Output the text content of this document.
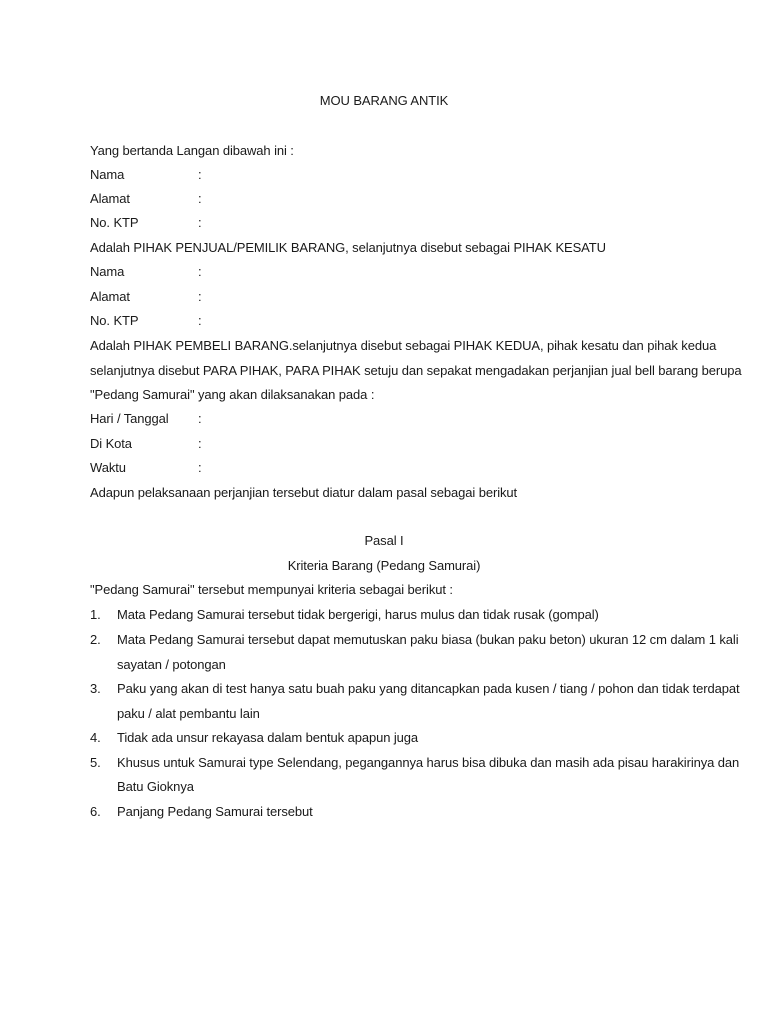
MOU BARANG ANTIK
Yang bertanda Langan dibawah ini :
Nama	:
Alamat	:
No. KTP	:
Adalah PIHAK PENJUAL/PEMILIK BARANG, selanjutnya disebut sebagai PIHAK KESATU
Nama	:
Alamat	:
No. KTP	:
Adalah PIHAK PEMBELI BARANG.selanjutnya disebut sebagai PIHAK KEDUA, pihak kesatu dan pihak kedua
selanjutnya disebut PARA PIHAK, PARA PIHAK setuju dan sepakat mengadakan perjanjian jual bell barang berupa
"Pedang Samurai" yang akan dilaksanakan pada :
Hari / Tanggal :
Di Kota	:
Waktu	:
Adapun pelaksanaan perjanjian tersebut diatur dalam pasal sebagai berikut
Pasal I
Kriteria Barang (Pedang Samurai)
"Pedang Samurai" tersebut mempunyai kriteria sebagai berikut :
1. Mata Pedang Samurai tersebut tidak bergerigi, harus mulus dan tidak rusak (gompal)
2. Mata Pedang Samurai tersebut dapat memutuskan paku biasa (bukan paku beton) ukuran 12 cm dalam 1 kali
sayatan / potongan
3. Paku yang akan di test hanya satu buah paku yang ditancapkan pada kusen / tiang / pohon dan tidak terdapat
paku / alat pembantu lain
4. Tidak ada unsur rekayasa dalam bentuk apapun juga
5. Khusus untuk Samurai type Selendang, pegangannya harus bisa dibuka dan masih ada pisau harakirinya dan
Batu Gioknya
6. Panjang Pedang Samurai tersebut
